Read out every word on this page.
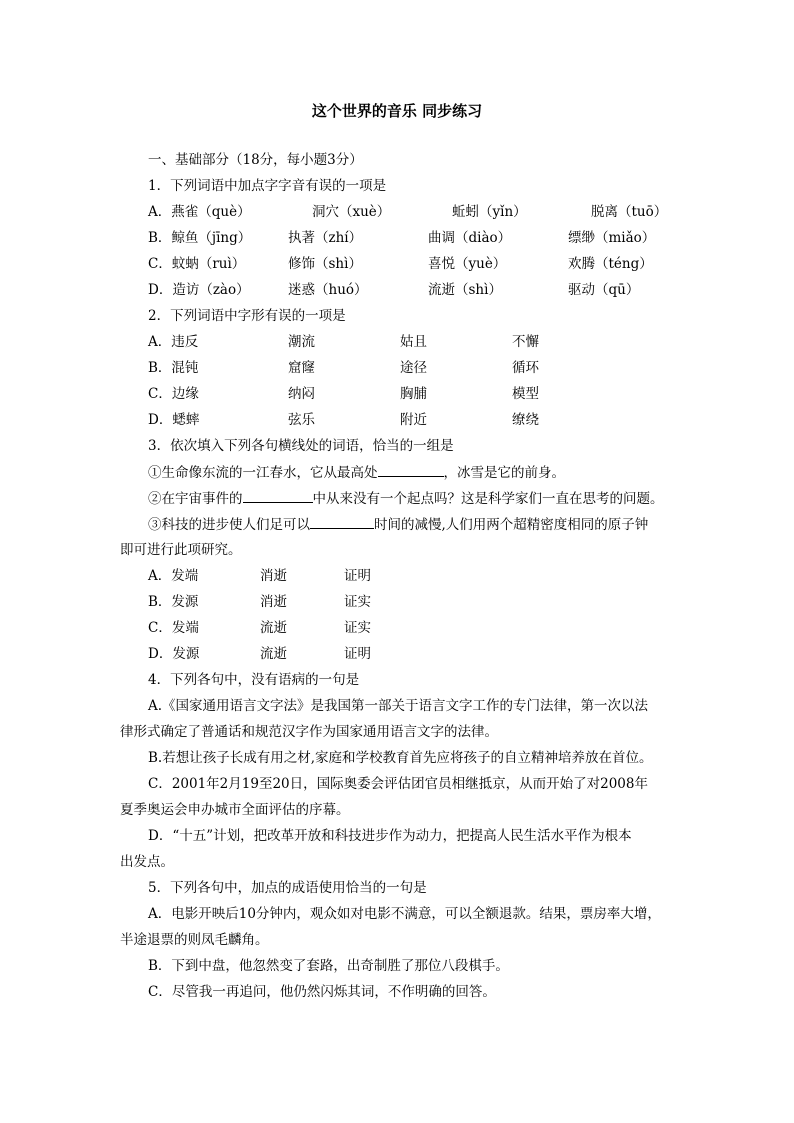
这个世界的音乐 同步练习
一、基础部分（18分，每小题3分）
1．下列词语中加点字字音有误的一项是
A．燕雀（què）	洞穴（xuè）	蚯蚓（yǐn）	脱离（tuō）
B．鲸鱼（jīng）	执著（zhí）	曲调（diào）	缥缈（miǎo）
C．蚊蚋（ruì）	修饰（shì）	喜悦（yuè）	欢腾（téng）
D．造访（zào）	迷惑（huó）	流逝（shì）	驱动（qū）
2．下列词语中字形有误的一项是
A．违反	潮流	姑且	不懈
B．混钝	窟窿	途径	循环
C．边缘	纳闷	胸脯	模型
D．蟋蟀	弦乐	附近	缭绕
3．依次填入下列各句横线处的词语，恰当的一组是
①生命像东流的一江春水，它从最高处	，冰雪是它的前身。
②在宇宙事件的	中从来没有一个起点吗？这是科学家们一直在思考的问题。
③科技的进步使人们足可以	时间的减慢,人们用两个超精密度相同的原子钟
即可进行此项研究。
A．发端	消逝	证明
B．发源	消逝	证实
C．发端	流逝	证实
D．发源	流逝	证明
4．下列各句中，没有语病的一句是
A.《国家通用语言文字法》是我国第一部关于语言文字工作的专门法律，第一次以法
律形式确定了普通话和规范汉字作为国家通用语言文字的法律。
B.若想让孩子长成有用之材,家庭和学校教育首先应将孩子的自立精神培养放在首位。
C．2001年2月19至20日，国际奥委会评估团官员相继抵京，从而开始了对2008年
夏季奥运会申办城市全面评估的序幕。
D．“十五”计划，把改革开放和科技进步作为动力，把提高人民生活水平作为根本
出发点。
5．下列各句中，加点的成语使用恰当的一句是
A．电影开映后10分钟内，观众如对电影不满意，可以全额退款。结果，票房率大增，
半途退票的则凤毛麟角。
B．下到中盘，他忽然变了套路，出奇制胜了那位八段棋手。
C．尽管我一再追问，他仍然闪烁其词，不作明确的回答。
